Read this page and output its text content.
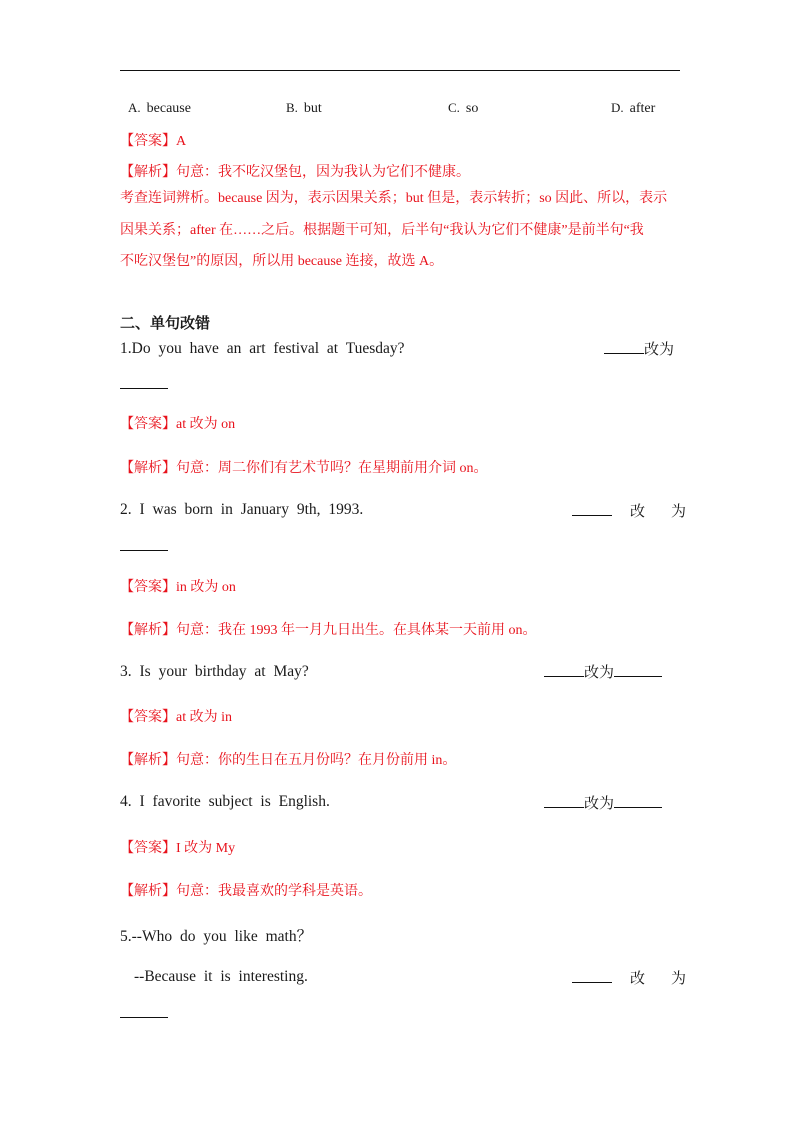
A. because	B. but	C. so	D. after
【答案】A
【解析】句意：我不吃汉堡包，因为我认为它们不健康。
考查连词辨析。because 因为，表示因果关系；but 但是，表示转折；so 因此、所以，表示
因果关系；after 在……之后。根据题干可知，后半句“我认为它们不健康”是前半句“我
不吃汉堡包”的原因，所以用 because 连接，故选 A。
二、单句改错
1.Do you have an art festival at Tuesday?	改为
【答案】at 改为 on
【解析】句意：周二你们有艺术节吗？在星期前用介词 on。
2. I was born in January 9th, 1993.	改 为
【答案】in 改为 on
【解析】句意：我在 1993 年一月九日出生。在具体某一天前用 on。
3. Is your birthday at May?	改为
【答案】at 改为 in
【解析】句意：你的生日在五月份吗？在月份前用 in。
4. I favorite subject is English.	改为
【答案】I 改为 My
【解析】句意：我最喜欢的学科是英语。
5.--Who do you like math？
--Because it is interesting.	改 为
